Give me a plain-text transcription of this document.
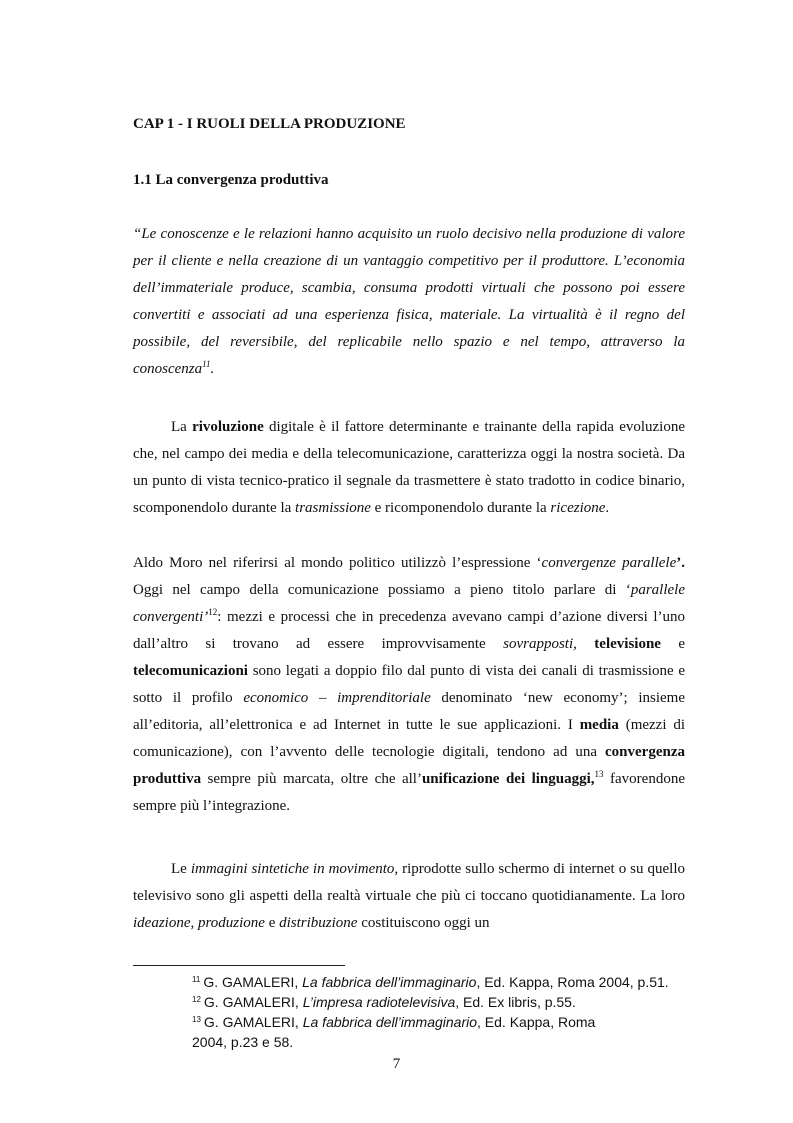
CAP 1 - I RUOLI DELLA PRODUZIONE
1.1 La convergenza produttiva
“Le conoscenze e le relazioni hanno acquisito un ruolo decisivo nella produzione di valore per il cliente e nella creazione di un vantaggio competitivo per il produttore. L’economia dell’immateriale produce, scambia, consuma prodotti virtuali che possono poi essere convertiti e associati ad una esperienza fisica, materiale. La virtualità è il regno del possibile, del reversibile, del replicabile nello spazio e nel tempo, attraverso la conoscenza$^{11}$.
La rivoluzione digitale è il fattore determinante e trainante della rapida evoluzione che, nel campo dei media e della telecomunicazione, caratterizza oggi la nostra società. Da un punto di vista tecnico-pratico il segnale da trasmettere è stato tradotto in codice binario, scomponendolo durante la trasmissione e ricomponendolo durante la ricezione.
Aldo Moro nel riferirsi al mondo politico utilizzò l’espressione ‘convergenze parallele’. Oggi nel campo della comunicazione possiamo a pieno titolo parlare di ‘parallele convergenti’$^{12}$: mezzi e processi che in precedenza avevano campi d’azione diversi l’uno dall’altro si trovano ad essere improvvisamente sovrapposti, televisione e telecomunicazioni sono legati a doppio filo dal punto di vista dei canali di trasmissione e sotto il profilo economico – imprenditoriale denominato ‘new economy’; insieme all’editoria, all’elettronica e ad Internet in tutte le sue applicazioni. I media (mezzi di comunicazione), con l’avvento delle tecnologie digitali, tendono ad una convergenza produttiva sempre più marcata, oltre che all’unificazione dei linguaggi,$^{13}$ favorendone sempre più l’integrazione.
Le immagini sintetiche in movimento, riprodotte sullo schermo di internet o su quello televisivo sono gli aspetti della realtà virtuale che più ci toccano quotidianamente. La loro ideazione, produzione e distribuzione costituiscono oggi un
$^{11}$ G. GAMALERI, La fabbrica dell’immaginario, Ed. Kappa, Roma 2004, p.51.
$^{12}$ G. GAMALERI, L’impresa radiotelevisiva, Ed. Ex libris, p.55.
$^{13}$ G. GAMALERI, La fabbrica dell’immaginario, Ed. Kappa, Roma
2004, p.23 e 58.
7
